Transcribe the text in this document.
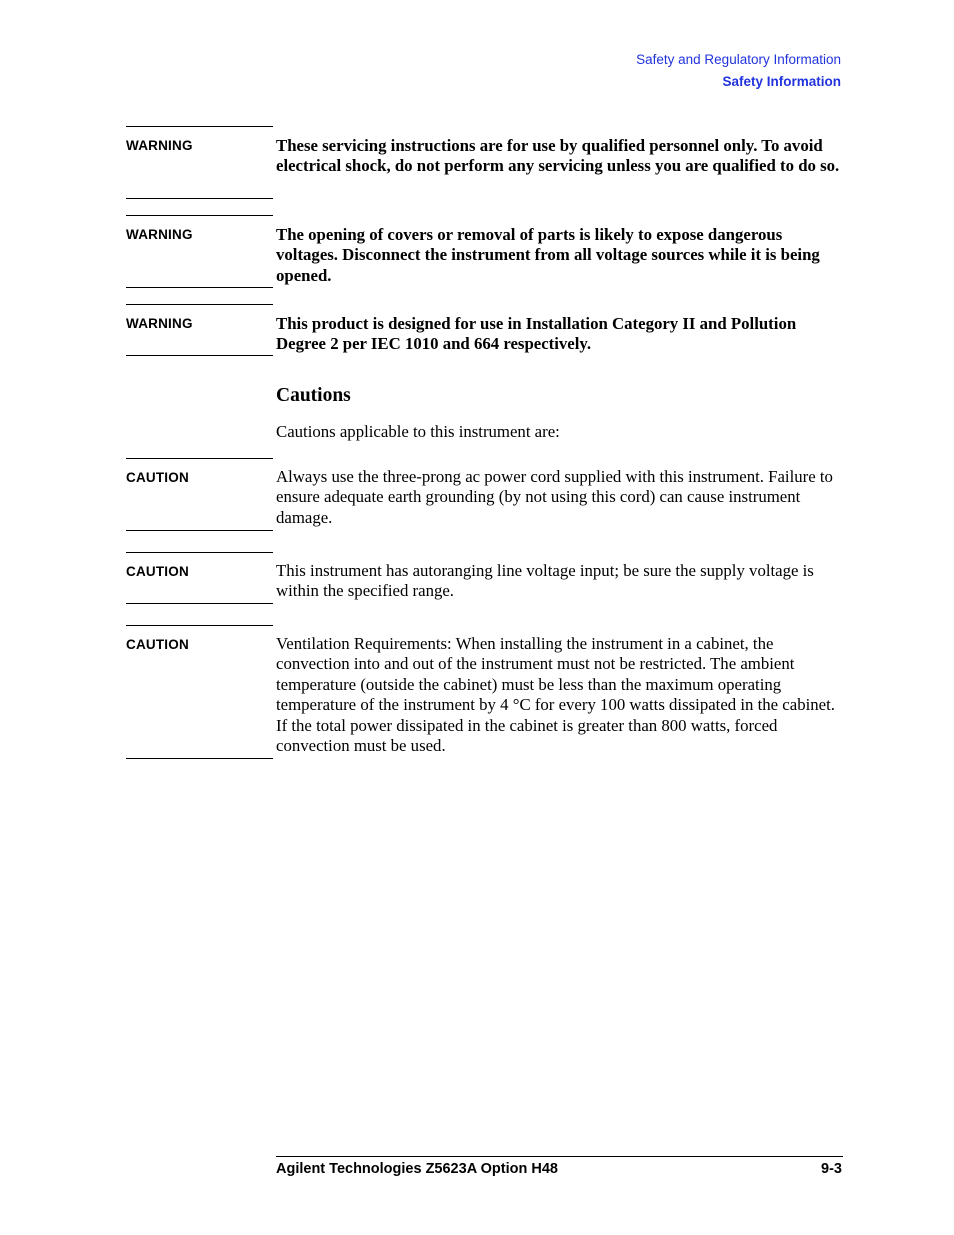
Safety and Regulatory Information
Safety Information
WARNING	These servicing instructions are for use by qualified personnel only. To avoid electrical shock, do not perform any servicing unless you are qualified to do so.
WARNING	The opening of covers or removal of parts is likely to expose dangerous voltages. Disconnect the instrument from all voltage sources while it is being opened.
WARNING	This product is designed for use in Installation Category II and Pollution Degree 2 per IEC 1010 and 664 respectively.
Cautions
Cautions applicable to this instrument are:
CAUTION	Always use the three-prong ac power cord supplied with this instrument. Failure to ensure adequate earth grounding (by not using this cord) can cause instrument damage.
CAUTION	This instrument has autoranging line voltage input; be sure the supply voltage is within the specified range.
CAUTION	Ventilation Requirements: When installing the instrument in a cabinet, the convection into and out of the instrument must not be restricted. The ambient temperature (outside the cabinet) must be less than the maximum operating temperature of the instrument by 4 °C for every 100 watts dissipated in the cabinet. If the total power dissipated in the cabinet is greater than 800 watts, forced convection must be used.
Agilent Technologies Z5623A Option H48	9-3
